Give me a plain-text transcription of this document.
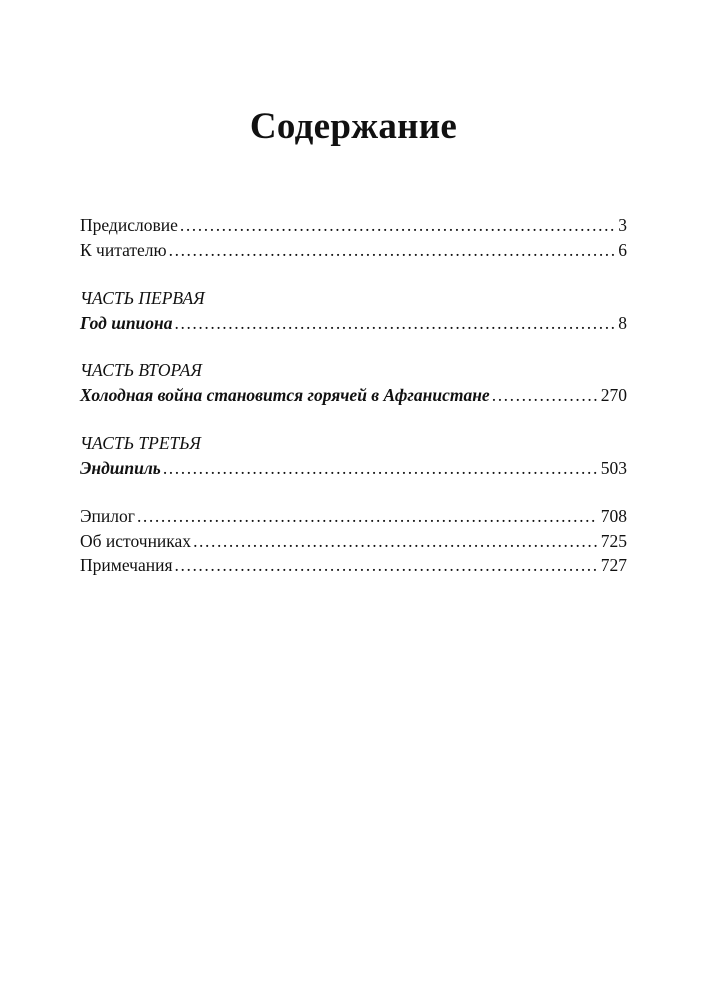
Содержание
Предисловие .....	3
К читателю .....	6
ЧАСТЬ ПЕРВАЯ
Год шпиона .....	8
ЧАСТЬ ВТОРАЯ
Холодная война становится горячей в Афганистане .....	270
ЧАСТЬ ТРЕТЬЯ
Эндшпиль .....	503
Эпилог .....	708
Об источниках .....	725
Примечания .....	727
